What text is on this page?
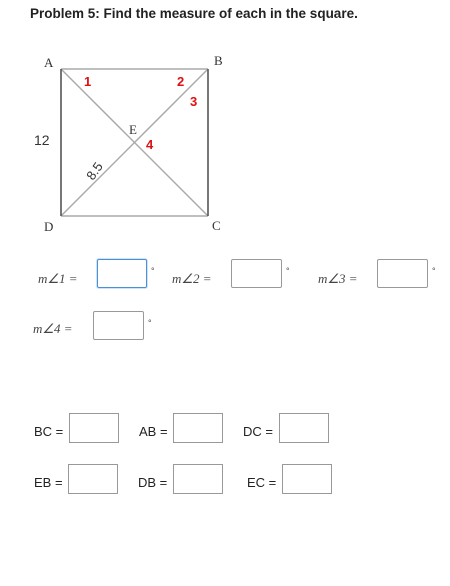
Problem 5: Find the measure of each in the square.
A	B
C
D
E
1	2
3
4
12
8.5
m∠1 =	° m∠2 =	° m∠3 =	°
m∠4 =	°
BC =	AB =	DC =
EB =	DB =	EC =
